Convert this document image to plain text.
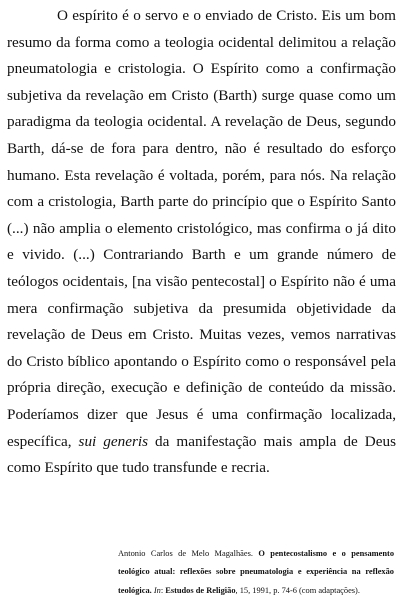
O espírito é o servo e o enviado de Cristo. Eis um bom resumo da forma como a teologia ocidental delimitou a relação pneumatologia e cristologia. O Espírito como a confirmação subjetiva da revelação em Cristo (Barth) surge quase como um paradigma da teologia ocidental. A revelação de Deus, segundo Barth, dá-se de fora para dentro, não é resultado do esforço humano. Esta revelação é voltada, porém, para nós. Na relação com a cristologia, Barth parte do princípio que o Espírito Santo (...) não amplia o elemento cristológico, mas confirma o já dito e vivido. (...) Contrariando Barth e um grande número de teólogos ocidentais, [na visão pentecostal] o Espírito não é uma mera confirmação subjetiva da presumida objetividade da revelação de Deus em Cristo. Muitas vezes, vemos narrativas do Cristo bíblico apontando o Espírito como o responsável pela própria direção, execução e definição de conteúdo da missão. Poderíamos dizer que Jesus é uma confirmação localizada, específica, sui generis da manifestação mais ampla de Deus como Espírito que tudo transfunde e recria.

Antonio Carlos de Melo Magalhães. O pentecostalismo e o pensamento teológico atual: reflexões sobre pneumatologia e experiência na reflexão teológica. In: Estudos de Religião, 15, 1991, p. 74-6 (com adaptações).
